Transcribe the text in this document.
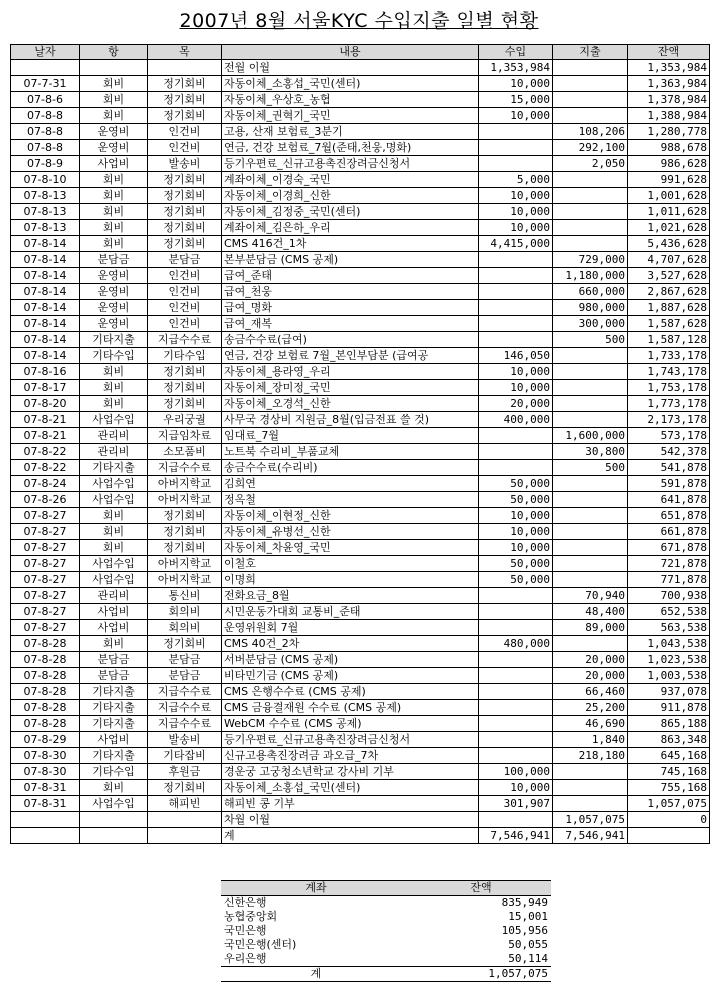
2007년 8월 서울KYC 수입지출 일별 현황
날자	항	목	내용	수입	지출	잔액
			전월 이월	1,353,984		1,353,984
07-7-31	회비	정기회비	자동이체_소홍섭_국민(센터)	10,000		1,363,984
07-8-6	회비	정기회비	자동이체_우상호_농협	15,000		1,378,984
07-8-8	회비	정기회비	자동이체_권혁기_국민	10,000		1,388,984
07-8-8	운영비	인건비	고용, 산재 보험료_3분기		108,206	1,280,778
07-8-8	운영비	인건비	연금, 건강 보험료_7월(준태,천웅,명화)		292,100	988,678
07-8-9	사업비	발송비	등기우편료_신규고용촉진장려금신청서		2,050	986,628
07-8-10	회비	정기회비	계좌이체_이경숙_국민	5,000		991,628
07-8-13	회비	정기회비	자동이체_이경희_신한	10,000		1,001,628
07-8-13	회비	정기회비	자동이체_김정중_국민(센터)	10,000		1,011,628
07-8-13	회비	정기회비	계좌이체_김은하_우리	10,000		1,021,628
07-8-14	회비	정기회비	CMS 416건_1차	4,415,000		5,436,628
07-8-14	분담금	분담금	본부분담금 (CMS 공제)		729,000	4,707,628
07-8-14	운영비	인건비	급여_준태		1,180,000	3,527,628
07-8-14	운영비	인건비	급여_천웅		660,000	2,867,628
07-8-14	운영비	인건비	급여_명화		980,000	1,887,628
07-8-14	운영비	인건비	급여_재복		300,000	1,587,628
07-8-14	기타지출	지급수수료	송금수수료(급여)		500	1,587,128
07-8-14	기타수입	기타수입	연금, 건강 보험료 7월_본인부담분 (급여공	146,050		1,733,178
07-8-16	회비	정기회비	자동이체_용라영_우리	10,000		1,743,178
07-8-17	회비	정기회비	자동이체_장미정_국민	10,000		1,753,178
07-8-20	회비	정기회비	자동이체_오경석_신한	20,000		1,773,178
07-8-21	사업수입	우리궁궐	사무국 경상비 지원금_8월(입금전표 쓸 것)	400,000		2,173,178
07-8-21	관리비	지급임차료	임대료_7월		1,600,000	573,178
07-8-22	관리비	소모품비	노트북 수리비_부품교체		30,800	542,378
07-8-22	기타지출	지급수수료	송금수수료(수리비)		500	541,878
07-8-24	사업수입	아버지학교	김희연	50,000		591,878
07-8-26	사업수입	아버지학교	정옥철	50,000		641,878
07-8-27	회비	정기회비	자동이체_이현정_신한	10,000		651,878
07-8-27	회비	정기회비	자동이체_유병선_신한	10,000		661,878
07-8-27	회비	정기회비	자동이체_차윤영_국민	10,000		671,878
07-8-27	사업수입	아버지학교	이철호	50,000		721,878
07-8-27	사업수입	아버지학교	이명희	50,000		771,878
07-8-27	관리비	통신비	전화요금_8월		70,940	700,938
07-8-27	사업비	회의비	시민운동가대회 교통비_준태		48,400	652,538
07-8-27	사업비	회의비	운영위원회 7월		89,000	563,538
07-8-28	회비	정기회비	CMS 40건_2차	480,000		1,043,538
07-8-28	분담금	분담금	서버분담금 (CMS 공제)		20,000	1,023,538
07-8-28	분담금	분담금	비타민기금 (CMS 공제)		20,000	1,003,538
07-8-28	기타지출	지급수수료	CMS 은행수수료 (CMS 공제)		66,460	937,078
07-8-28	기타지출	지급수수료	CMS 금융결재원 수수료 (CMS 공제)		25,200	911,878
07-8-28	기타지출	지급수수료	WebCM 수수료 (CMS 공제)		46,690	865,188
07-8-29	사업비	발송비	등기우편료_신규고용촉진장려금신청서		1,840	863,348
07-8-30	기타지출	기타잡비	신규고용촉진장려금 과오급_7차		218,180	645,168
07-8-30	기타수입	후원금	경운궁 고궁청소년학교 강사비 기부	100,000		745,168
07-8-31	회비	정기회비	자동이체_소홍섭_국민(센터)	10,000		755,168
07-8-31	사업수입	해피빈	해피빈 콩 기부	301,907		1,057,075
			차월 이월		1,057,075	0
			계	7,546,941	7,546,941	
계좌	잔액
신한은행	835,949
농협중앙회	15,001
국민은행	105,956
국민은행(센터)	50,055
우리은행	50,114
계	1,057,075
